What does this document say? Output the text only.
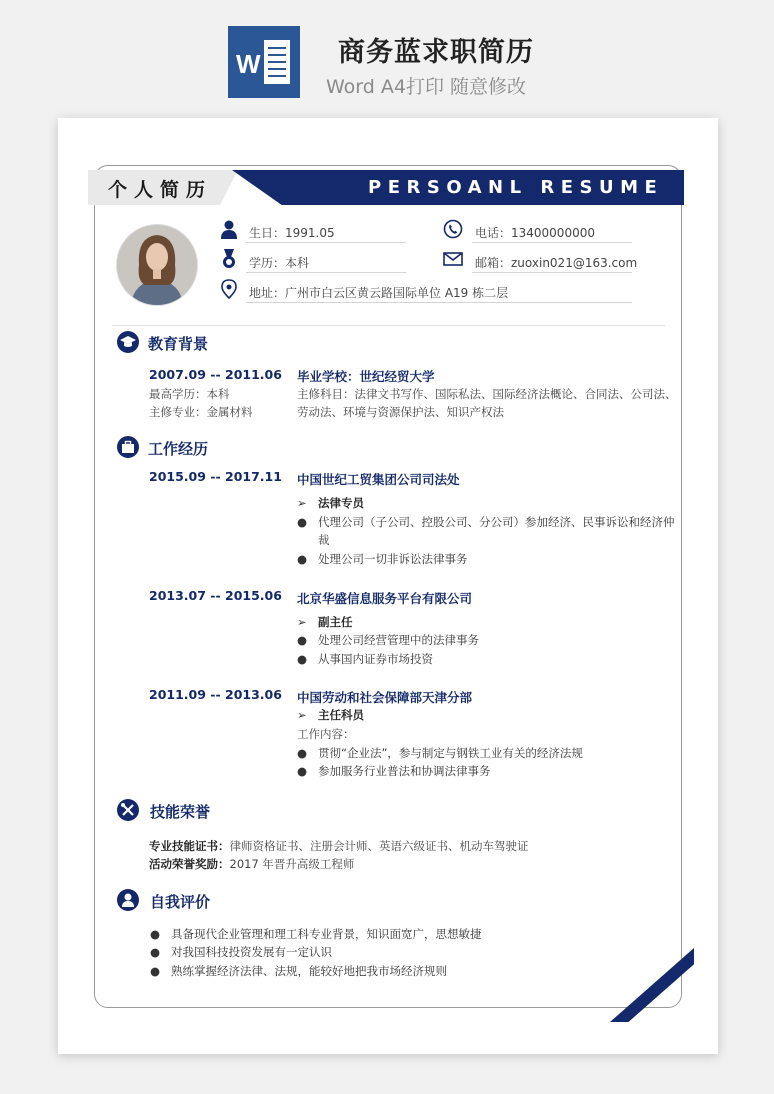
W	商务蓝求职简历
Word A4打印 随意修改
个人简历	PERSOANL RESUME
生日：1991.05	电话：13400000000
学历：本科	邮箱：zuoxin021@163.com
地址：广州市白云区黄云路国际单位 A19 栋二层
教育背景
2007.09 -- 2011.06 毕业学校：世纪经贸大学
最高学历：本科
主修专业：金属材料
主修科目：法律文书写作、国际私法、国际经济法概论、合同法、公司法、
劳动法、环境与资源保护法、知识产权法
工作经历
2015.09 -- 2017.11 中国世纪工贸集团公司司法处
➢ 法律专员
● 代理公司（子公司、控股公司、分公司）参加经济、民事诉讼和经济仲
裁
● 处理公司一切非诉讼法律事务
2013.07 -- 2015.06 北京华盛信息服务平台有限公司
➢ 副主任
● 处理公司经营管理中的法律事务
● 从事国内证券市场投资
2011.09 -- 2013.06 中国劳动和社会保障部天津分部
➢ 主任科员
工作内容：
● 贯彻“企业法”，参与制定与钢铁工业有关的经济法规
● 参加服务行业普法和协调法律事务
技能荣誉
专业技能证书：律师资格证书、注册会计师、英语六级证书、机动车驾驶证
活动荣誉奖励：2017 年晋升高级工程师
自我评价
● 具备现代企业管理和理工科专业背景，知识面宽广，思想敏捷
● 对我国科技投资发展有一定认识
● 熟练掌握经济法律、法规，能较好地把我市场经济规则
